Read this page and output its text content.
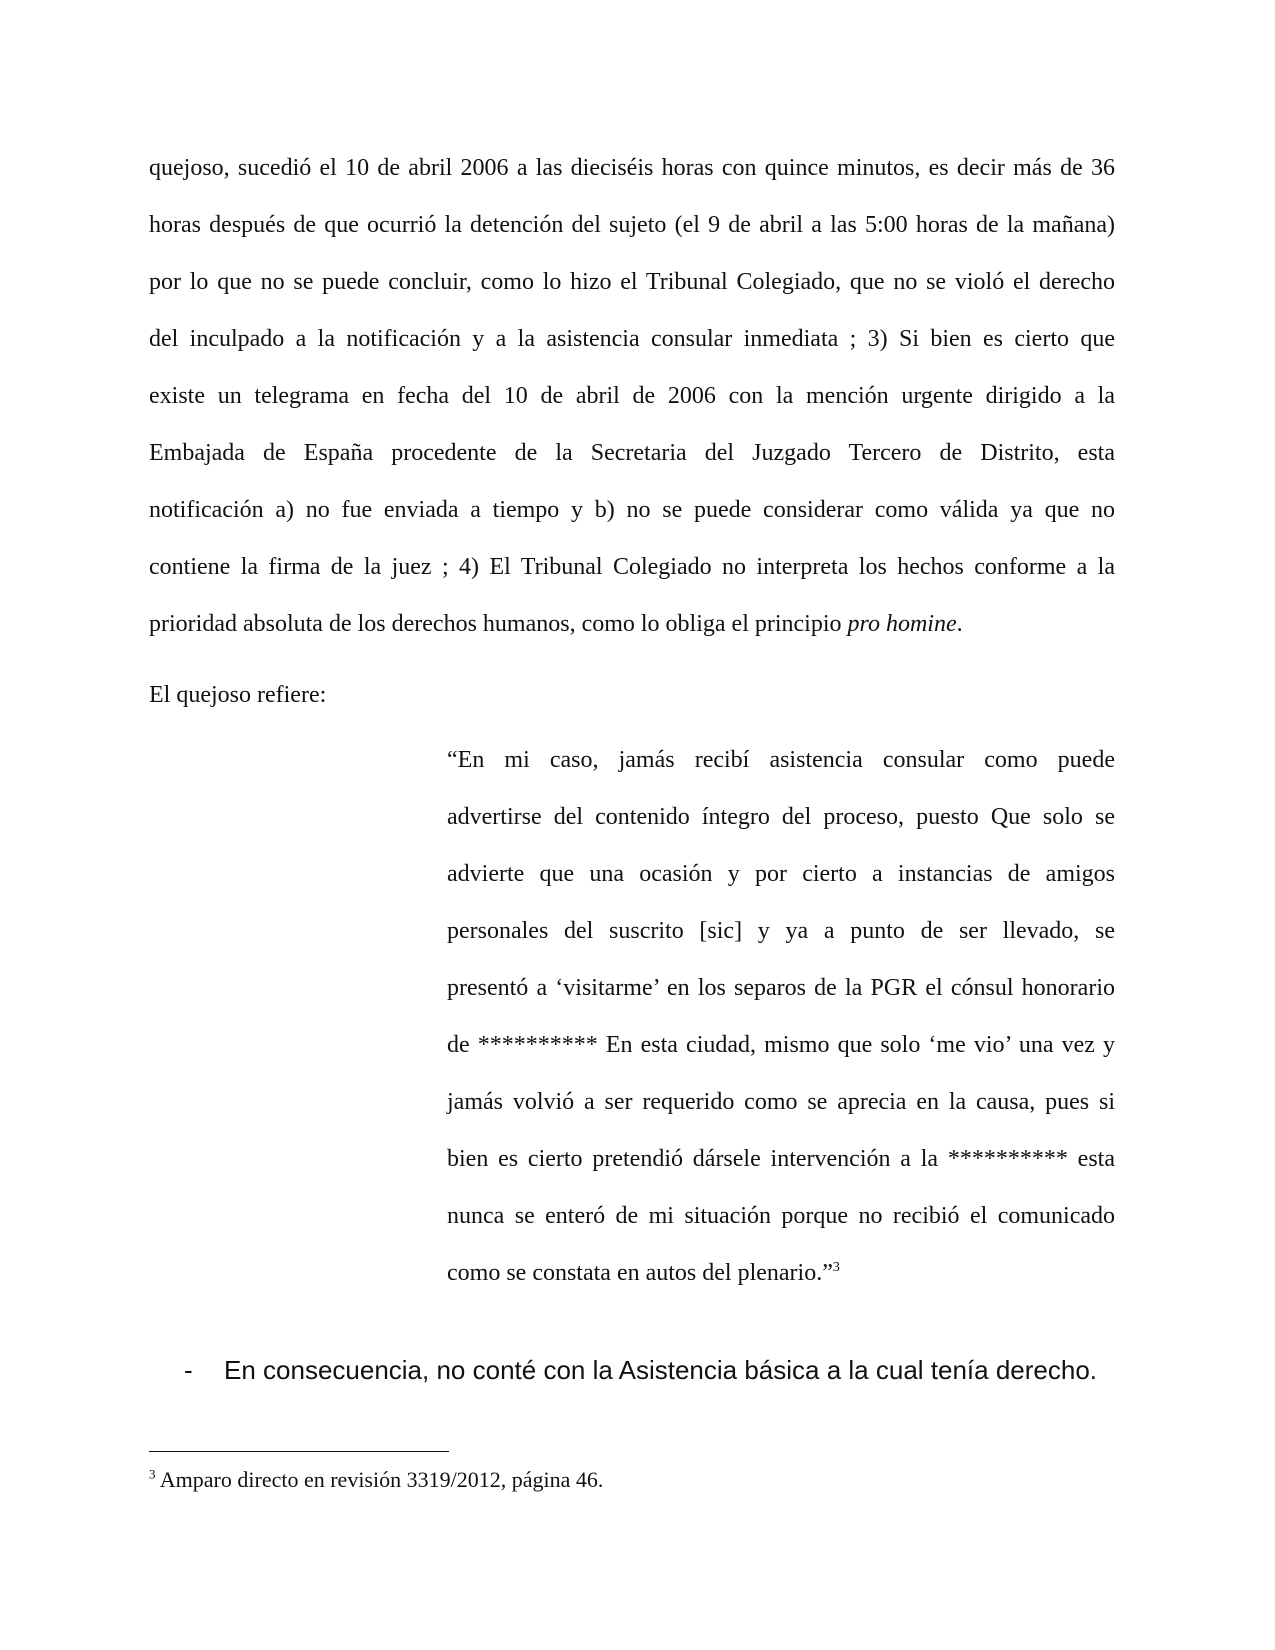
quejoso, sucedió el 10 de abril 2006 a las dieciséis horas con quince minutos, es decir más de 36
horas después de que ocurrió la detención del sujeto (el 9 de abril a las 5:00 horas de la mañana)
por lo que no se puede concluir, como lo hizo el Tribunal Colegiado, que no se violó el derecho
del inculpado a la notificación y a la asistencia consular inmediata ; 3) Si bien es cierto que
existe un telegrama en fecha del 10 de abril de 2006 con la mención urgente dirigido a la
Embajada de España procedente de la Secretaria del Juzgado Tercero de Distrito, esta
notificación a) no fue enviada a tiempo y b) no se puede considerar como válida ya que no
contiene la firma de la juez ; 4) El Tribunal Colegiado no interpreta los hechos conforme a la
prioridad absoluta de los derechos humanos, como lo obliga el principio pro homine.

El quejoso refiere:

“En mi caso, jamás recibí asistencia consular como puede
advertirse del contenido íntegro del proceso, puesto Que solo se
advierte que una ocasión y por cierto a instancias de amigos
personales del suscrito [sic] y ya a punto de ser llevado, se
presentó a ‘visitarme’ en los separos de la PGR el cónsul honorario
de ********** En esta ciudad, mismo que solo ‘me vio’ una vez y
jamás volvió a ser requerido como se aprecia en la causa, pues si
bien es cierto pretendió dársele intervención a la ********** esta
nunca se enteró de mi situación porque no recibió el comunicado
como se constata en autos del plenario.”$^3$
- En consecuencia, no conté con la Asistencia básica a la cual tenía derecho.

$^3$ Amparo directo en revisión 3319/2012, página 46.
